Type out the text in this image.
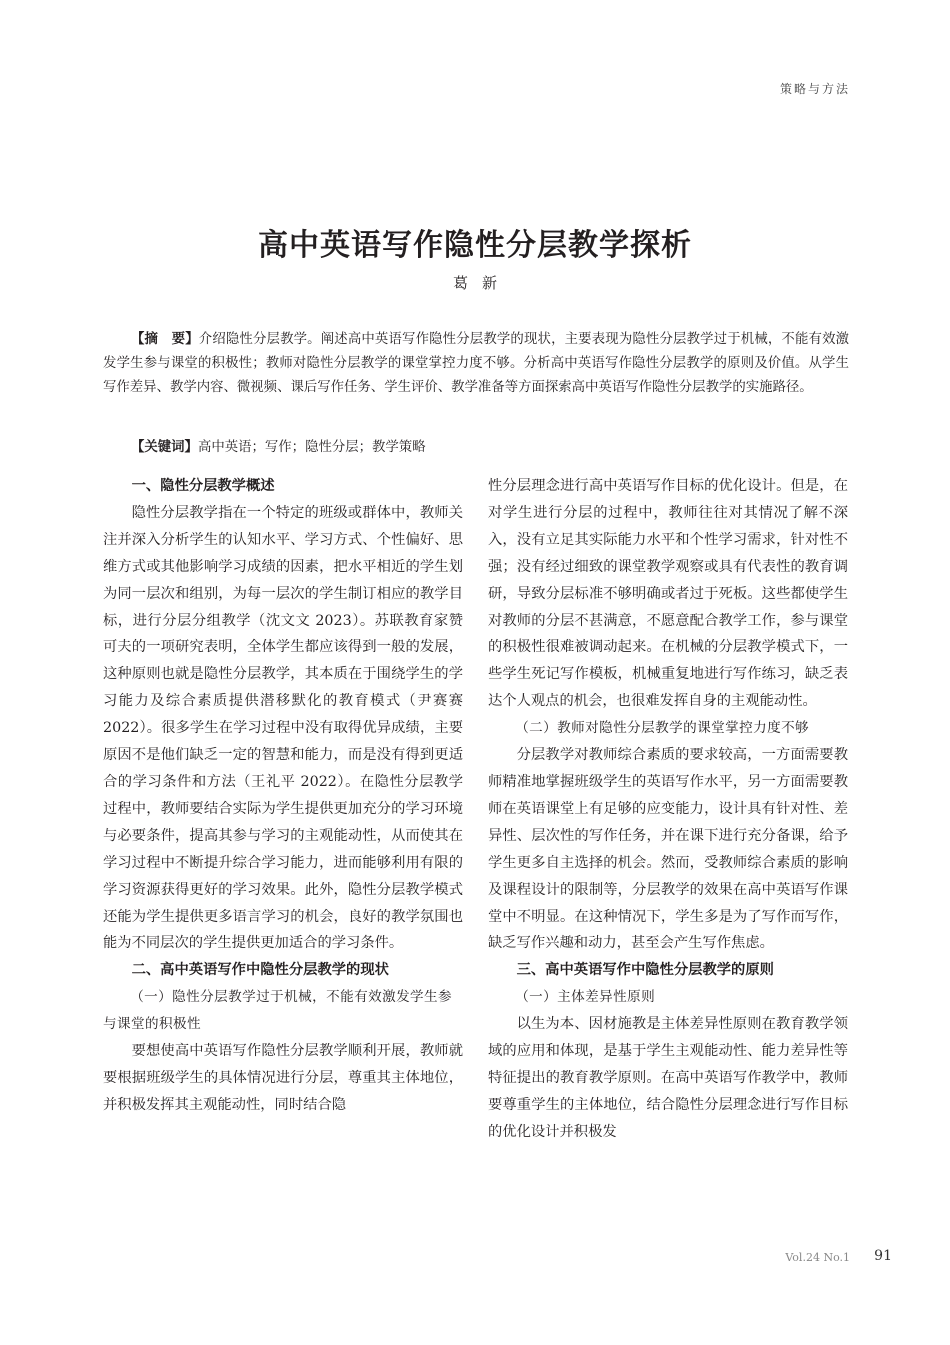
策略与方法
高中英语写作隐性分层教学探析
葛新

【摘　要】介绍隐性分层教学。阐述高中英语写作隐性分层教学的现状，主要表现为隐性分层教学过于机械，不能有效激发学生参与课堂的积极性；教师对隐性分层教学的课堂掌控力度不够。分析高中英语写作隐性分层教学的原则及价值。从学生写作差异、教学内容、微视频、课后写作任务、学生评价、教学准备等方面探索高中英语写作隐性分层教学的实施路径。

【关键词】高中英语；写作；隐性分层；教学策略

一、隐性分层教学概述

隐性分层教学指在一个特定的班级或群体中，教师关注并深入分析学生的认知水平、学习方式、个性偏好、思维方式或其他影响学习成绩的因素，把水平相近的学生划为同一层次和组别，为每一层次的学生制订相应的教学目标，进行分层分组教学（沈文文 2023）。苏联教育家赞可夫的一项研究表明，全体学生都应该得到一般的发展，这种原则也就是隐性分层教学，其本质在于围绕学生的学习能力及综合素质提供潜移默化的教育模式（尹赛赛 2022）。很多学生在学习过程中没有取得优异成绩，主要原因不是他们缺乏一定的智慧和能力，而是没有得到更适合的学习条件和方法（王礼平 2022）。在隐性分层教学过程中，教师要结合实际为学生提供更加充分的学习环境与必要条件，提高其参与学习的主观能动性，从而使其在学习过程中不断提升综合学习能力，进而能够利用有限的学习资源获得更好的学习效果。此外，隐性分层教学模式还能为学生提供更多语言学习的机会，良好的教学氛围也能为不同层次的学生提供更加适合的学习条件。

二、高中英语写作中隐性分层教学的现状
（一）隐性分层教学过于机械，不能有效激发学生参与课堂的积极性

要想使高中英语写作隐性分层教学顺利开展，教师就要根据班级学生的具体情况进行分层，尊重其主体地位，并积极发挥其主观能动性，同时结合隐

性分层理念进行高中英语写作目标的优化设计。但是，在对学生进行分层的过程中，教师往往对其情况了解不深入，没有立足其实际能力水平和个性学习需求，针对性不强；没有经过细致的课堂教学观察或具有代表性的教育调研，导致分层标准不够明确或者过于死板。这些都使学生对教师的分层不甚满意，不愿意配合教学工作，参与课堂的积极性很难被调动起来。在机械的分层教学模式下，一些学生死记写作模板，机械重复地进行写作练习，缺乏表达个人观点的机会，也很难发挥自身的主观能动性。

（二）教师对隐性分层教学的课堂掌控力度不够

分层教学对教师综合素质的要求较高，一方面需要教师精准地掌握班级学生的英语写作水平，另一方面需要教师在英语课堂上有足够的应变能力，设计具有针对性、差异性、层次性的写作任务，并在课下进行充分备课，给予学生更多自主选择的机会。然而，受教师综合素质的影响及课程设计的限制等，分层教学的效果在高中英语写作课堂中不明显。在这种情况下，学生多是为了写作而写作，缺乏写作兴趣和动力，甚至会产生写作焦虑。

三、高中英语写作中隐性分层教学的原则
（一）主体差异性原则

以生为本、因材施教是主体差异性原则在教育教学领域的应用和体现，是基于学生主观能动性、能力差异性等特征提出的教育教学原则。在高中英语写作教学中，教师要尊重学生的主体地位，结合隐性分层理念进行写作目标的优化设计并积极发

Vol.24 No.1 91
